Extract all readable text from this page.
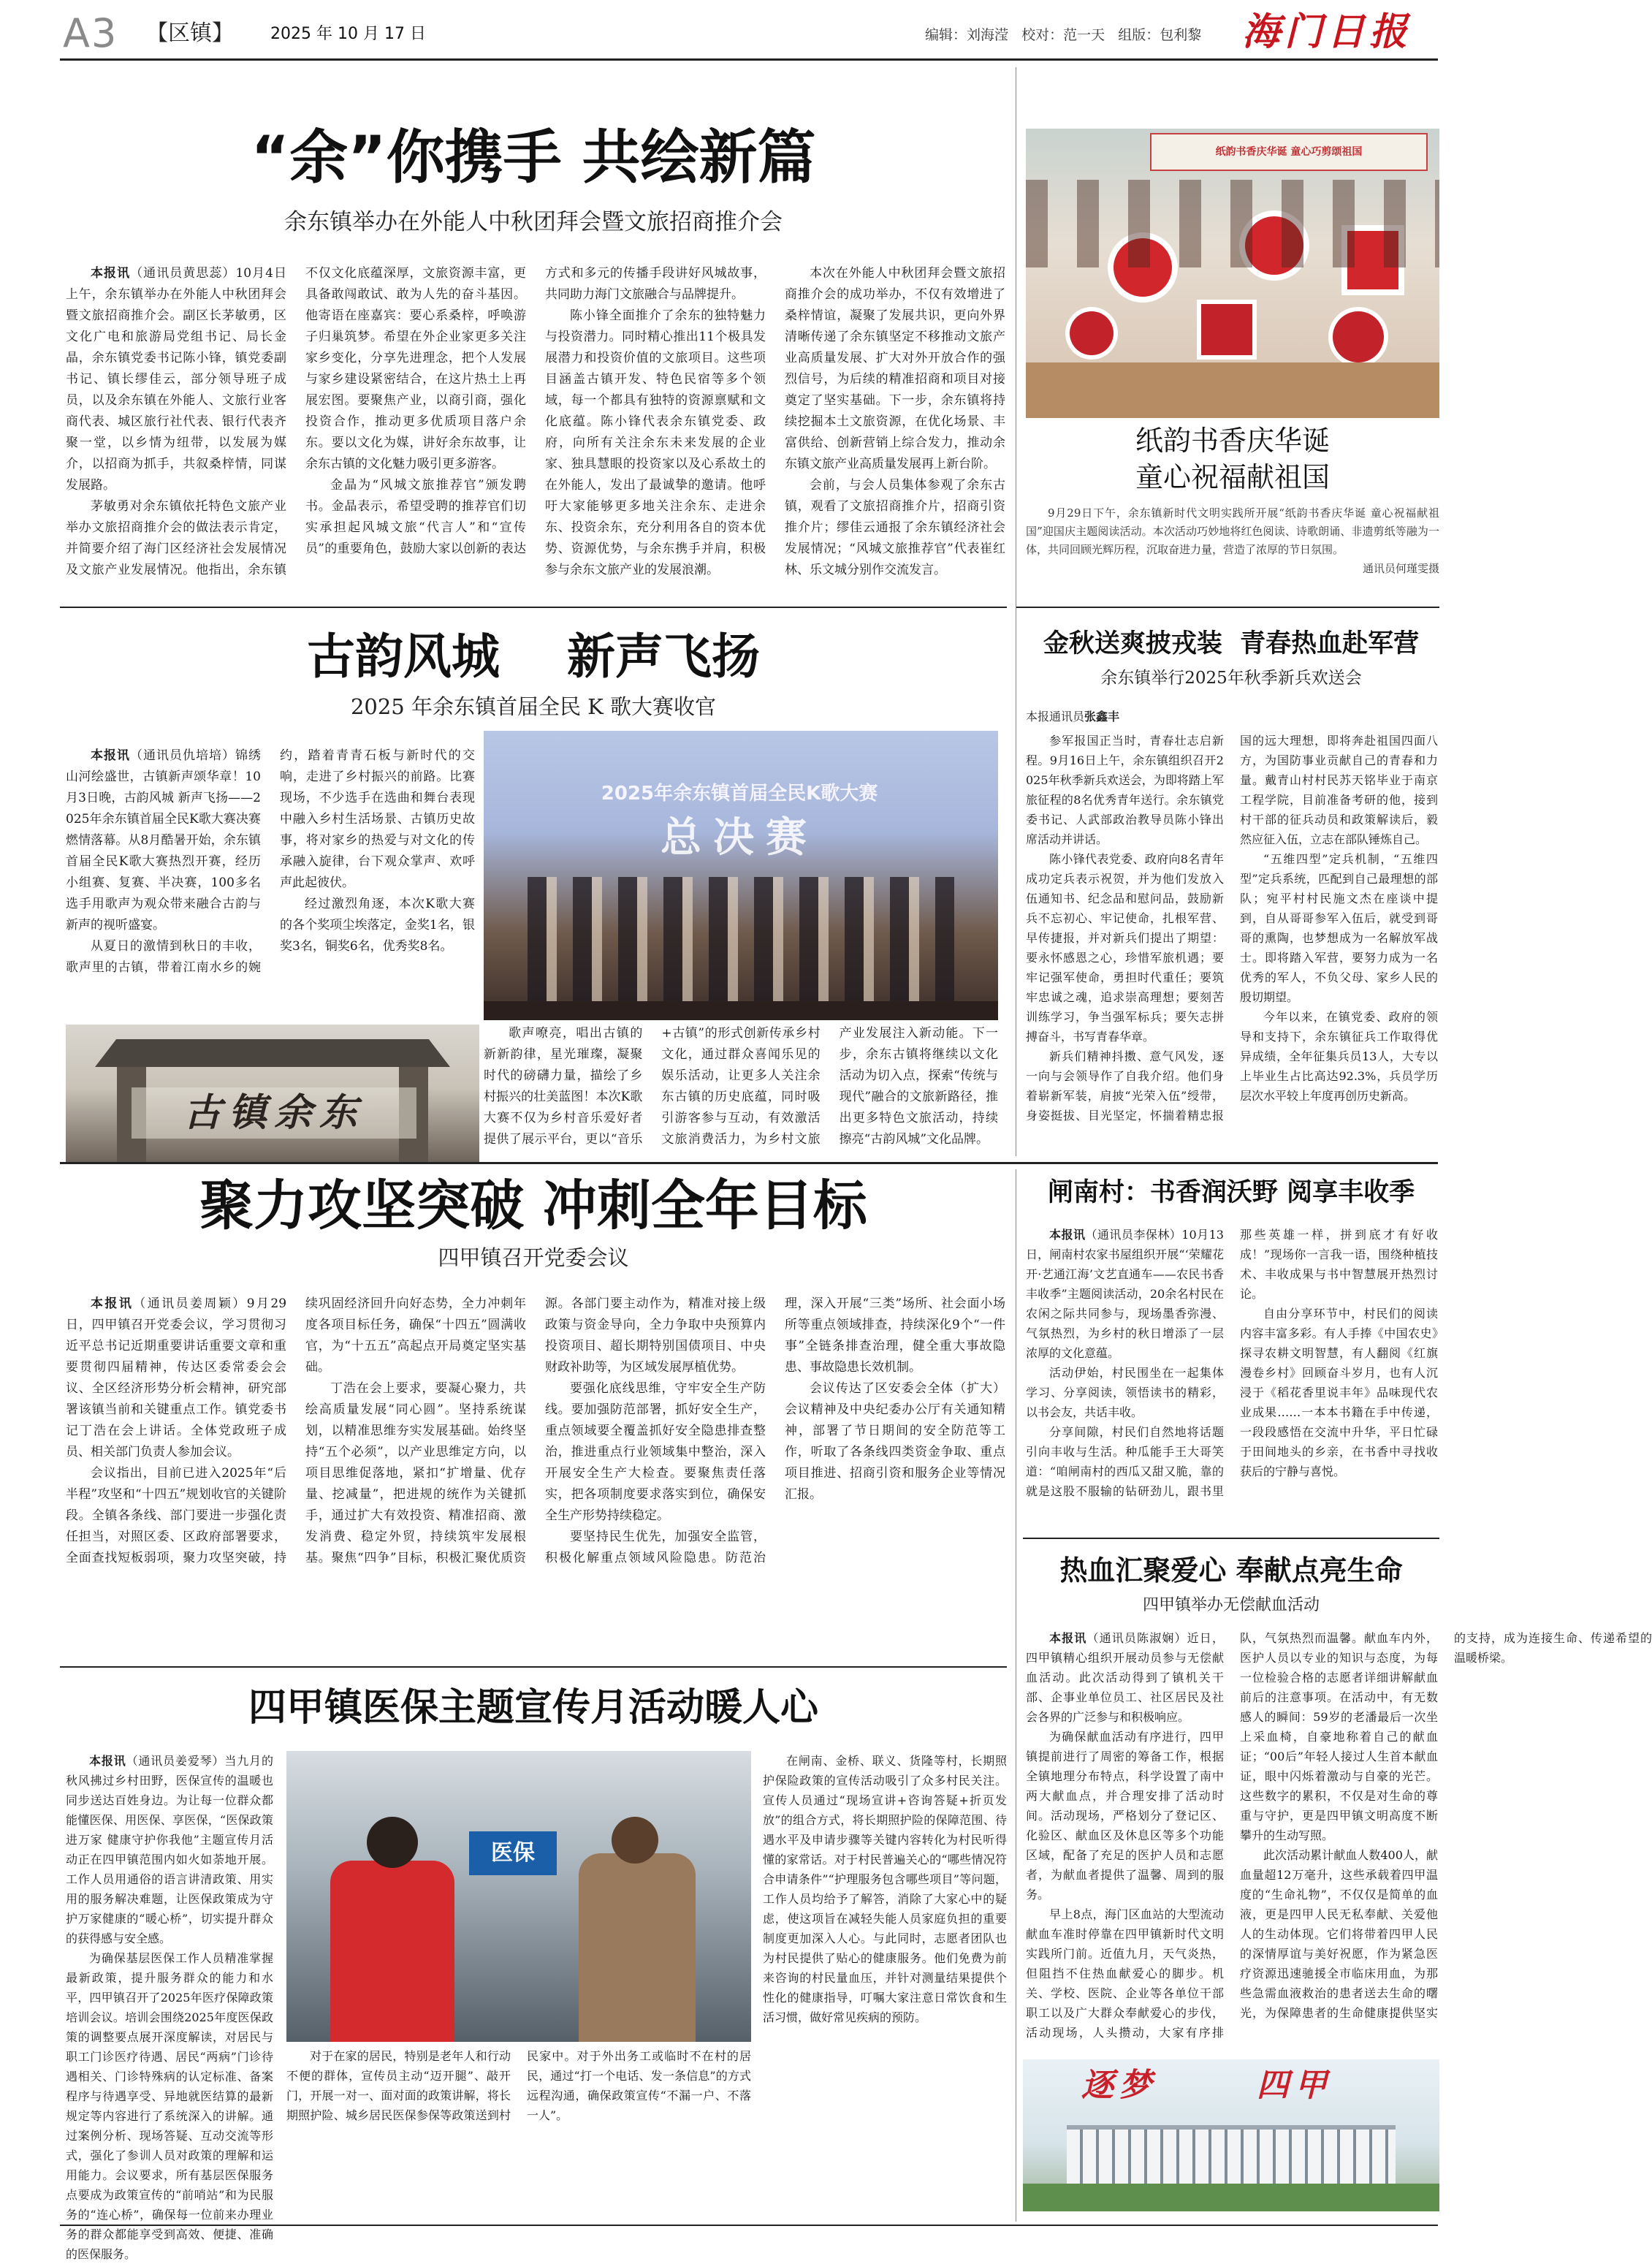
A3 【区镇】 2025 年 10 月 17 日	编辑：刘海滢   校对：范一天   组版：包利黎 海门日报
“余”你携手 共绘新篇
余东镇举办在外能人中秋团拜会暨文旅招商推介会

本报讯（通讯员黄思蕊）10月4日上午，余东镇举办在外能人中秋团拜会暨文旅招商推介会。副区长茅敏勇，区文化广电和旅游局党组书记、局长金晶，余东镇党委书记陈小锋，镇党委副书记、镇长缪佳云，部分领导班子成员，以及余东镇在外能人、文旅行业客商代表、城区旅行社代表、银行代表齐聚一堂，以乡情为纽带，以发展为媒介，以招商为抓手，共叙桑梓情，同谋发展路。

茅敏勇对余东镇依托特色文旅产业举办文旅招商推介会的做法表示肯定，并简要介绍了海门区经济社会发展情况及文旅产业发展情况。他指出，余东镇不仅文化底蕴深厚，文旅资源丰富，更具备敢闯敢试、敢为人先的奋斗基因。他寄语在座嘉宾：要心系桑梓，呼唤游子归巢筑梦。希望在外企业家更多关注家乡变化，分享先进理念，把个人发展与家乡建设紧密结合，在这片热土上再展宏图。要聚焦产业，以商引商，强化投资合作，推动更多优质项目落户余东。要以文化为媒，讲好余东故事，让余东古镇的文化魅力吸引更多游客。

金晶为“风城文旅推荐官”颁发聘书。金晶表示，希望受聘的推荐官们切实承担起风城文旅“代言人”和“宣传员”的重要角色，鼓励大家以创新的表达方式和多元的传播手段讲好风城故事，共同助力海门文旅融合与品牌提升。

陈小锋全面推介了余东的独特魅力与投资潜力。同时精心推出11个极具发展潜力和投资价值的文旅项目。这些项目涵盖古镇开发、特色民宿等多个领域，每一个都具有独特的资源禀赋和文化底蕴。陈小锋代表余东镇党委、政府，向所有关注余东未来发展的企业家、独具慧眼的投资家以及心系故土的在外能人，发出了最诚挚的邀请。他呼吁大家能够更多地关注余东、走进余东、投资余东，充分利用各自的资本优势、资源优势，与余东携手并肩，积极参与余东文旅产业的发展浪潮。

本次在外能人中秋团拜会暨文旅招商推介会的成功举办，不仅有效增进了桑梓情谊，凝聚了发展共识，更向外界清晰传递了余东镇坚定不移推动文旅产业高质量发展、扩大对外开放合作的强烈信号，为后续的精准招商和项目对接奠定了坚实基础。下一步，余东镇将持续挖掘本土文旅资源，在优化场景、丰富供给、创新营销上综合发力，推动余东镇文旅产业高质量发展再上新台阶。

会前，与会人员集体参观了余东古镇，观看了文旅招商推介片，招商引资推介片；缪佳云通报了余东镇经济社会发展情况；“风城文旅推荐官”代表崔红林、乐文城分别作交流发言。

纸韵书香庆华诞 童心巧剪颂祖国
纸韵书香庆华诞
童心祝福献祖国
9月29日下午，余东镇新时代文明实践所开展“纸韵书香庆华诞 童心祝福献祖国”迎国庆主题阅读活动。本次活动巧妙地将红色阅读、诗歌朗诵、非遗剪纸等融为一体，共同回顾光辉历程，沉取奋进力量，营造了浓厚的节日氛围。
通讯员何瑾雯摄
古韵风城    新声飞扬
2025 年余东镇首届全民 K 歌大赛收官

本报讯（通讯员仇培培）锦绣山河绘盛世，古镇新声颂华章！10月3日晚，古韵风城 新声飞扬——2025年余东镇首届全民K歌大赛决赛燃情落幕。从8月酷暑开始，余东镇首届全民K歌大赛热烈开赛，经历小组赛、复赛、半决赛，100多名选手用歌声为观众带来融合古韵与新声的视听盛宴。

从夏日的激情到秋日的丰收，歌声里的古镇，带着江南水乡的婉约，踏着青青石板与新时代的交响，走进了乡村振兴的前路。比赛现场，不少选手在选曲和舞台表现中融入乡村生活场景、古镇历史故事，将对家乡的热爱与对文化的传承融入旋律，台下观众掌声、欢呼声此起彼伏。

经过激烈角逐，本次K歌大赛的各个奖项尘埃落定，金奖1名，银奖3名，铜奖6名，优秀奖8名。

2025年余东镇首届全民K歌大赛
总决赛
古镇余东

歌声嘹亮，唱出古镇的新新韵律，星光璀璨，凝聚时代的磅礴力量，描绘了乡村振兴的壮美蓝图！本次K歌大赛不仅为乡村音乐爱好者提供了展示平台，更以“音乐+古镇”的形式创新传承乡村文化，通过群众喜闻乐见的娱乐活动，让更多人关注余东古镇的历史底蕴，同时吸引游客参与互动，有效激活文旅消费活力，为乡村文旅产业发展注入新动能。下一步，余东古镇将继续以文化活动为切入点，探索“传统与现代”融合的文旅新路径，推出更多特色文旅活动，持续擦亮“古韵风城”文化品牌。

金秋送爽披戎装  青春热血赴军营
余东镇举行2025年秋季新兵欢送会
本报通讯员张鑫丰

参军报国正当时，青春壮志启新程。9月16日上午，余东镇组织召开2025年秋季新兵欢送会，为即将踏上军旅征程的8名优秀青年送行。余东镇党委书记、人武部政治教导员陈小锋出席活动并讲话。

陈小锋代表党委、政府向8名青年成功定兵表示祝贺，并为他们发放入伍通知书、纪念品和慰问品，鼓励新兵不忘初心、牢记使命，扎根军营、早传捷报，并对新兵们提出了期望：要永怀感恩之心，珍惜军旅机遇；要牢记强军使命，勇担时代重任；要筑牢忠诚之魂，追求崇高理想；要刻苦训练学习，争当强军标兵；要矢志拼搏奋斗，书写青春华章。

新兵们精神抖擞、意气风发，逐一向与会领导作了自我介绍。他们身着崭新军装，肩披“光荣入伍”绶带，身姿挺拔、目光坚定，怀揣着精忠报国的远大理想，即将奔赴祖国四面八方，为国防事业贡献自己的青春和力量。戴青山村村民苏天铭毕业于南京工程学院，目前准备考研的他，接到村干部的征兵动员和政策解读后，毅然应征入伍，立志在部队锤炼自己。

“五维四型”定兵机制，“五维四型”定兵系统，匹配到自己最理想的部队；宛平村村民施文杰在座谈中提到，自从哥哥参军入伍后，就受到哥哥的熏陶，也梦想成为一名解放军战士。即将踏入军营，要努力成为一名优秀的军人，不负父母、家乡人民的殷切期望。

今年以来，在镇党委、政府的领导和支持下，余东镇征兵工作取得优异成绩，全年征集兵员13人，大专以上毕业生占比高达92.3%，兵员学历层次水平较上年度再创历史新高。

聚力攻坚突破 冲刺全年目标
四甲镇召开党委会议

本报讯（通讯员姜周颖）9月29日，四甲镇召开党委会议，学习贯彻习近平总书记近期重要讲话重要文章和重要贯彻四届精神，传达区委常委会会议、全区经济形势分析会精神，研究部署该镇当前和关键重点工作。镇党委书记丁浩在会上讲话。全体党政班子成员、相关部门负责人参加会议。

会议指出，目前已进入2025年“后半程”攻坚和“十四五”规划收官的关键阶段。全镇各条线、部门要进一步强化责任担当，对照区委、区政府部署要求，全面查找短板弱项，聚力攻坚突破，持续巩固经济回升向好态势，全力冲刺年度各项目标任务，确保“十四五”圆满收官，为“十五五”高起点开局奠定坚实基础。

丁浩在会上要求，要凝心聚力，共绘高质量发展“同心圆”。坚持系统谋划，以精准思维夯实发展基础。始终坚持“五个必须”，以产业思维定方向，以项目思维促落地，紧扣“扩增量、优存量、挖减量”，把进规的统作为关键抓手，通过扩大有效投资、精准招商、激发消费、稳定外贸，持续筑牢发展根基。聚焦“四争”目标，积极汇聚优质资源。各部门要主动作为，精准对接上级政策与资金导向，全力争取中央预算内投资项目、超长期特别国债项目、中央财政补助等，为区域发展厚植优势。

要强化底线思维，守牢安全生产防线。要加强防范部署，抓好安全生产，重点领域要全覆盖抓好安全隐患排查整治，推进重点行业领域集中整治，深入开展安全生产大检查。要聚焦责任落实，把各项制度要求落实到位，确保安全生产形势持续稳定。

要坚持民生优先，加强安全监管，积极化解重点领域风险隐患。防范治理，深入开展“三类”场所、社会面小场所等重点领域排查，持续深化9个“一件事”全链条排查治理，健全重大事故隐患、事故隐患长效机制。

会议传达了区安委会全体（扩大）会议精神及中央纪委办公厅有关通知精神，部署了节日期间的安全防范等工作，听取了各条线四类资金争取、重点项目推进、招商引资和服务企业等情况汇报。

闸南村：书香润沃野 阅享丰收季

本报讯（通讯员李保林）10月13日，闸南村农家书屋组织开展“‘荣耀花开·艺通江海’文艺直通车——农民书香丰收季”主题阅读活动，20余名村民在农闲之际共同参与，现场墨香弥漫、气氛热烈，为乡村的秋日增添了一层浓厚的文化意蕴。

活动伊始，村民围坐在一起集体学习、分享阅读，领悟读书的精彩，以书会友，共话丰收。

分享间隙，村民们自然地将话题引向丰收与生活。种瓜能手王大哥笑道：“咱闸南村的西瓜又甜又脆，靠的就是这股不服输的钻研劲儿，跟书里那些英雄一样，拼到底才有好收成！”现场你一言我一语，围绕种植技术、丰收成果与书中智慧展开热烈讨论。

自由分享环节中，村民们的阅读内容丰富多彩。有人手捧《中国农史》探寻农耕文明智慧，有人翻阅《红旗漫卷乡村》回顾奋斗岁月，也有人沉浸于《稻花香里说丰年》品味现代农业成果……一本本书籍在手中传递，一段段感悟在交流中升华，平日忙碌于田间地头的乡亲，在书香中寻找收获后的宁静与喜悦。

热血汇聚爱心 奉献点亮生命
四甲镇举办无偿献血活动

本报讯（通讯员陈淑娴）近日，四甲镇精心组织开展动员参与无偿献血活动。此次活动得到了镇机关干部、企事业单位员工、社区居民及社会各界的广泛参与和积极响应。

为确保献血活动有序进行，四甲镇提前进行了周密的筹备工作，根据全镇地理分布特点，科学设置了南中两大献血点，并合理安排了活动时间。活动现场，严格划分了登记区、化验区、献血区及休息区等多个功能区域，配备了充足的医护人员和志愿者，为献血者提供了温馨、周到的服务。

早上8点，海门区血站的大型流动献血车准时停靠在四甲镇新时代文明实践所门前。近值九月，天气炎热，但阻挡不住热血献爱心的脚步。机关、学校、医院、企业等各单位干部职工以及广大群众奉献爱心的步伐，活动现场，人头攒动，大家有序排队，气氛热烈而温馨。献血车内外，医护人员以专业的知识与态度，为每一位检验合格的志愿者详细讲解献血前后的注意事项。在活动中，有无数感人的瞬间：59岁的老潘最后一次坐上采血椅，自豪地称着自己的献血证；“00后”年轻人接过人生首本献血证，眼中闪烁着激动与自豪的光芒。这些数字的累积，不仅是对生命的尊重与守护，更是四甲镇文明高度不断攀升的生动写照。

此次活动累计献血人数400人，献血量超12万毫升，这些承载着四甲温度的“生命礼物”，不仅仅是简单的血液，更是四甲人民无私奉献、关爱他人的生动体现。它们将带着四甲人民的深情厚谊与美好祝愿，作为紧急医疗资源迅速驰援全市临床用血，为那些急需血液救治的患者送去生命的曙光，为保障患者的生命健康提供坚实的支持，成为连接生命、传递希望的温暖桥梁。

逐梦	四甲
四甲镇医保主题宣传月活动暖人心

本报讯（通讯员姜爱琴）当九月的秋风拂过乡村田野，医保宣传的温暖也同步送达百姓身边。为让每一位群众都能懂医保、用医保、享医保，“医保政策进万家 健康守护你我他”主题宣传月活动正在四甲镇范围内如火如荼地开展。工作人员用通俗的语言讲清政策、用实用的服务解决难题，让医保政策成为守护万家健康的“暖心桥”，切实提升群众的获得感与安全感。

为确保基层医保工作人员精准掌握最新政策，提升服务群众的能力和水平，四甲镇召开了2025年医疗保障政策培训会议。培训会围绕2025年度医保政策的调整要点展开深度解读，对居民与职工门诊医疗待遇、居民“两病”门诊待遇相关、门诊特殊病的认定标准、备案程序与待遇享受、异地就医结算的最新规定等内容进行了系统深入的讲解。通过案例分析、现场答疑、互动交流等形式，强化了参训人员对政策的理解和运用能力。会议要求，所有基层医保服务点要成为政策宣传的“前哨站”和为民服务的“连心桥”，确保每一位前来办理业务的群众都能享受到高效、便捷、准确的医保服务。

医保

对于在家的居民，特别是老年人和行动不便的群体，宣传员主动“迈开腿”、敲开门，开展一对一、面对面的政策讲解，将长期照护险、城乡居民医保参保等政策送到村民家中。对于外出务工或临时不在村的居民，通过“打一个电话、发一条信息”的方式远程沟通，确保政策宣传“不漏一户、不落一人”。

在闸南、金桥、联义、货隆等村，长期照护保险政策的宣传活动吸引了众多村民关注。宣传人员通过“现场宣讲+咨询答疑+折页发放”的组合方式，将长期照护险的保障范围、待遇水平及申请步骤等关键内容转化为村民听得懂的家常话。对于村民普遍关心的“哪些情况符合申请条件”“护理服务包含哪些项目”等问题，工作人员均给予了解答，消除了大家心中的疑虑，使这项旨在减轻失能人员家庭负担的重要制度更加深入人心。与此同时，志愿者团队也为村民提供了贴心的健康服务。他们免费为前来咨询的村民量血压，并针对测量结果提供个性化的健康指导，叮嘱大家注意日常饮食和生活习惯，做好常见疾病的预防。
